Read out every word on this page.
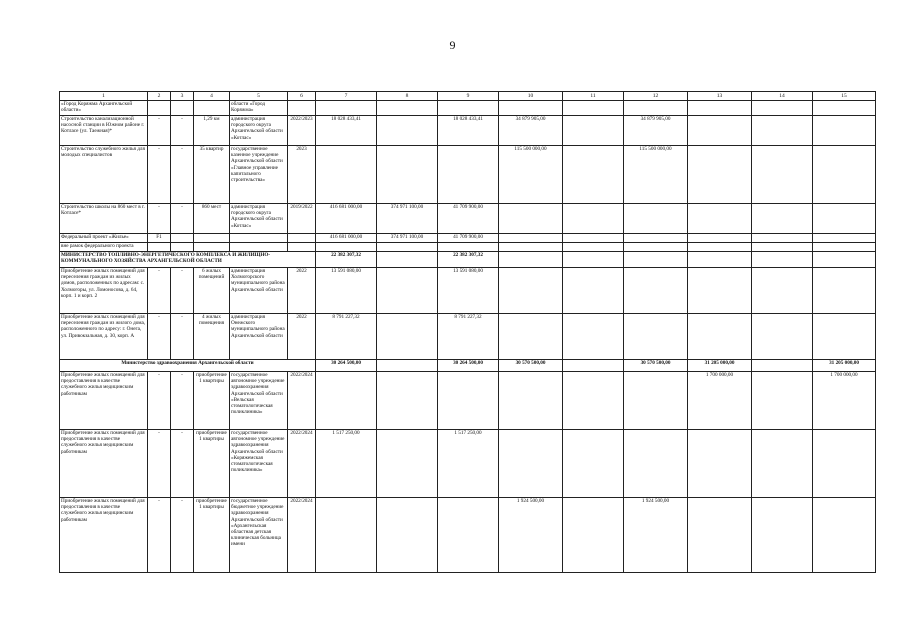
9
1	2	3	4	5	6	7	8	9	10	11	12	13	14	15
«Город Коряжма Архангельской области»				области «Город Коряжма»										
Строительство канализационной насосной станции в Южном районе г. Котласе (ул. Таежная)*	-	-	1,29 км	администрация городского округа Архангельской области «Котлас»	2022/2023	18 028 433,41		18 028 433,41	34 879 905,00		34 879 905,00			
Строительство служебного жилья для молодых специалистов	-	-	35 квартир	государственное казенное учреждение Архангельской области «Главное управление капитального строительства»	2023				115 500 000,00		115 500 000,00			
Строительство школы на 860 мест в г. Котласе*	-	-	860 мест	администрация городского округа Архангельской области «Котлас»	2019/2022	416 681 000,00	374 971 100,00	41 709 900,00						
Федеральный проект «Жилье»	F1					416 681 000,00	374 971 100,00	41 709 900,00						
вне рамок федерального проекта														
МИНИСТЕРСТВО ТОПЛИВНО-ЭНЕРГЕТИЧЕСКОГО КОМПЛЕКСА И ЖИЛИЩНО-КОММУНАЛЬНОГО ХОЗЯЙСТВА АРХАНГЕЛЬСКОЙ ОБЛАСТИ						22 382 307,32		22 382 307,32						
Приобретение жилых помещений для переселения граждан из жилых домов, расположенных по адресам: с. Холмогоры, ул. Ломоносова, д. 64, корп. 1 и корп. 2	-	-	6 жилых помещений	администрация Холмогорского муниципального района Архангельской области	2022	13 591 080,00		13 591 080,00						
Приобретение жилых помещений для переселения граждан из жилого дома, расположенного по адресу: г. Онега, ул. Привокзальная, д. 30, корп. А	-	-	4 жилых помещения	администрация Онежского муниципального района Архангельской области	2022	8 791 227,32		8 791 227,32						
Министерство здравоохранения Архангельской области						30 264 500,00		30 264 500,00	30 570 500,00		30 570 500,00	31 205 000,00		31 205 000,00
Приобретение жилых помещений для предоставления в качестве служебного жилья медицинским работникам	-	-	приобретение 1 квартиры	государственное автономное учреждение здравоохранения Архангельской области «Вельская стоматологическая поликлиника»	2022/2024							1 700 000,00		1 700 000,00
Приобретение жилых помещений для предоставления в качестве служебного жилья медицинским работникам	-	-	приобретение 1 квартиры	государственное автономное учреждение здравоохранения Архангельской области «Коряжемская стоматологическая поликлиника»	2022/2024	1 517 250,00		1 517 250,00						
Приобретение жилых помещений для предоставления в качестве служебного жилья медицинским работникам	-	-	приобретение 1 квартиры	государственное бюджетное учреждение здравоохранения Архангельской области «Архангельская областная детская клиническая больница имени	2022/2024				1 924 500,00		1 924 500,00			
